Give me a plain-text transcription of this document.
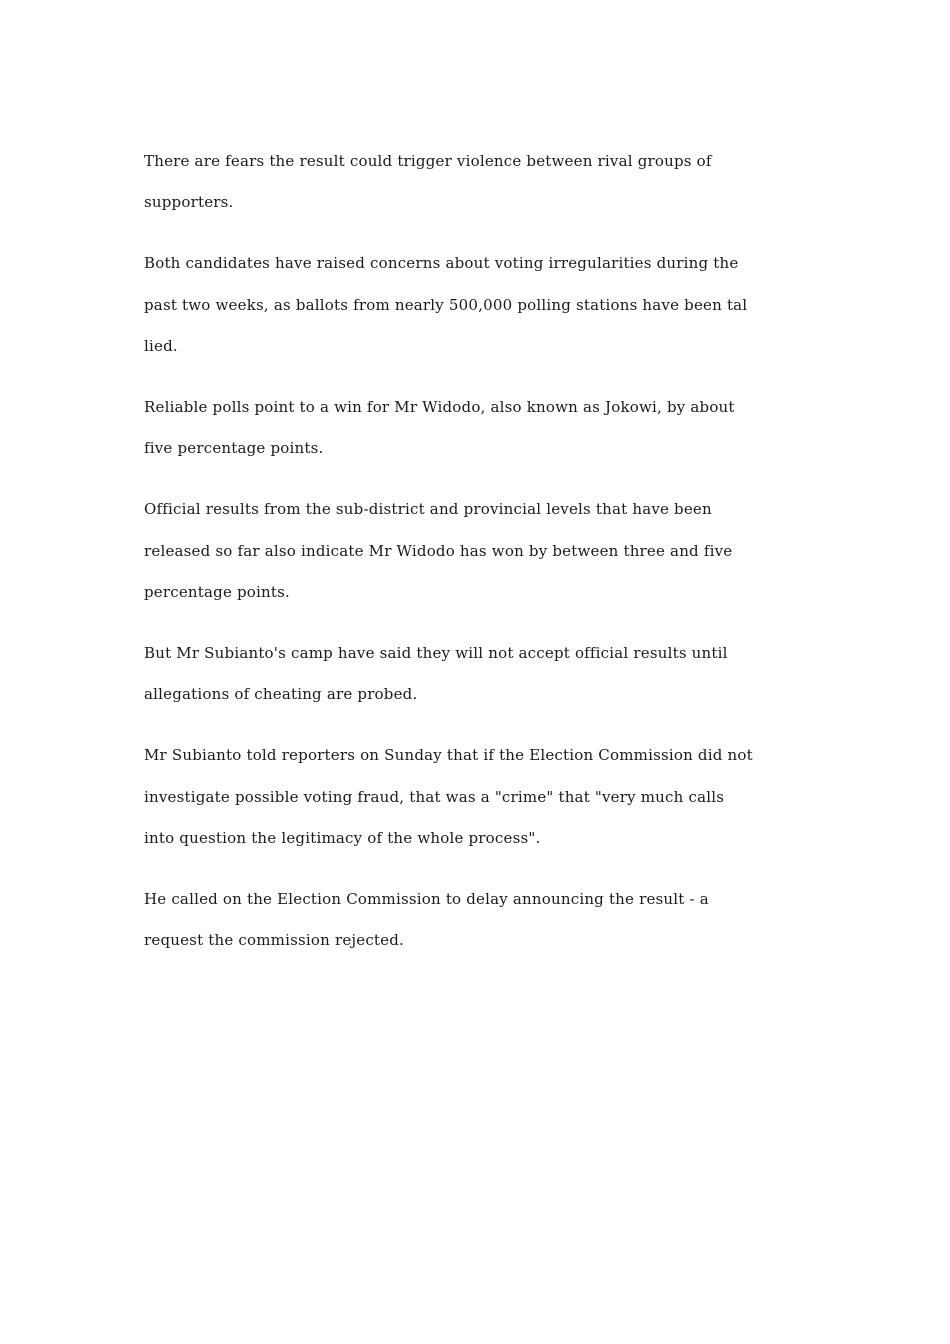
There are fears the result could trigger violence between rival groups of
supporters.

Both candidates have raised concerns about voting irregularities during the
past two weeks, as ballots from nearly 500,000 polling stations have been tal
lied.

Reliable polls point to a win for Mr Widodo, also known as Jokowi, by about
five percentage points.

Official results from the sub-district and provincial levels that have been
released so far also indicate Mr Widodo has won by between three and five
percentage points.

But Mr Subianto's camp have said they will not accept official results until
allegations of cheating are probed.

Mr Subianto told reporters on Sunday that if the Election Commission did not
investigate possible voting fraud, that was a "crime" that "very much calls
into question the legitimacy of the whole process".

He called on the Election Commission to delay announcing the result - a
request the commission rejected.
